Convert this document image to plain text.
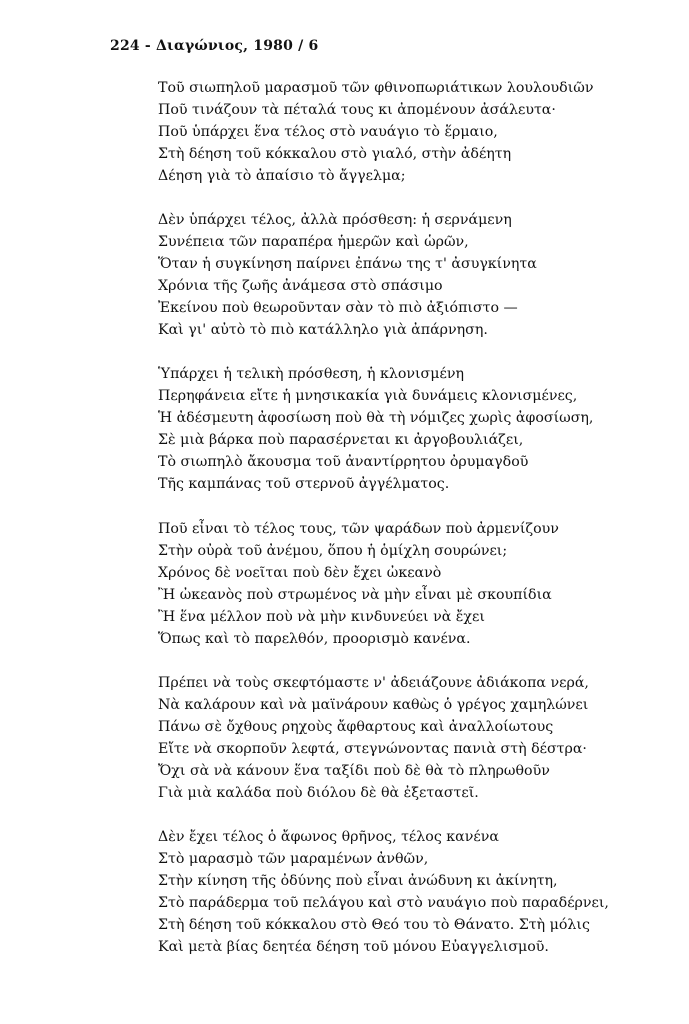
224 - Διαγώνιος, 1980 / 6
Τοῦ σιωπηλοῦ μαρασμοῦ τῶν φθινοπωριάτικων λουλουδιῶν
Ποῦ τινάζουν τὰ πέταλά τους κι ἀπομένουν ἀσάλευτα·
Ποῦ ὑπάρχει ἕνα τέλος στὸ ναυάγιο τὸ ἕρμαιο,
Στὴ δέηση τοῦ κόκκαλου στὸ γιαλό, στὴν ἀδέητη
Δέηση γιὰ τὸ ἀπαίσιο τὸ ἄγγελμα;
Δὲν ὑπάρχει τέλος, ἀλλὰ πρόσθεση: ἡ σερνάμενη
Συνέπεια τῶν παραπέρα ἡμερῶν καὶ ὡρῶν,
Ὅταν ἡ συγκίνηση παίρνει ἐπάνω της τ' ἀσυγκίνητα
Χρόνια τῆς ζωῆς ἀνάμεσα στὸ σπάσιμο
Ἐκείνου ποὺ θεωροῦνταν σὰν τὸ πιὸ ἀξιόπιστο —
Καὶ γι' αὐτὸ τὸ πιὸ κατάλληλο γιὰ ἀπάρνηση.
Ὑπάρχει ἡ τελικὴ πρόσθεση, ἡ κλονισμένη
Περηφάνεια εἴτε ἡ μνησικακία γιὰ δυνάμεις κλονισμένες,
Ἡ ἀδέσμευτη ἀφοσίωση ποὺ θὰ τὴ νόμιζες χωρὶς ἀφοσίωση,
Σὲ μιὰ βάρκα ποὺ παρασέρνεται κι ἀργοβουλιάζει,
Τὸ σιωπηλὸ ἄκουσμα τοῦ ἀναντίρρητου ὀρυμαγδοῦ
Τῆς καμπάνας τοῦ στερνοῦ ἀγγέλματος.
Ποῦ εἶναι τὸ τέλος τους, τῶν ψαράδων ποὺ ἀρμενίζουν
Στὴν οὐρὰ τοῦ ἀνέμου, ὅπου ἡ ὁμίχλη σουρώνει;
Χρόνος δὲ νοεῖται ποὺ δὲν ἔχει ὠκεανὸ
Ἢ ὠκεανὸς ποὺ στρωμένος νὰ μὴν εἶναι μὲ σκουπίδια
Ἢ ἕνα μέλλον ποὺ νὰ μὴν κινδυνεύει νὰ ἔχει
Ὅπως καὶ τὸ παρελθόν, προορισμὸ κανένα.
Πρέπει νὰ τοὺς σκεφτόμαστε ν' ἀδειάζουνε ἀδιάκοπα νερά,
Νὰ καλάρουν καὶ νὰ μαϊνάρουν καθὼς ὁ γρέγος χαμηλώνει
Πάνω σὲ ὄχθους ρηχοὺς ἄφθαρτους καὶ ἀναλλοίωτους
Εἴτε νὰ σκορποῦν λεφτά, στεγνώνοντας πανιὰ στὴ δέστρα·
Ὄχι σὰ νὰ κάνουν ἕνα ταξίδι ποὺ δὲ θὰ τὸ πληρωθοῦν
Γιὰ μιὰ καλάδα ποὺ διόλου δὲ θὰ ἐξεταστεῖ.
Δὲν ἔχει τέλος ὁ ἄφωνος θρῆνος, τέλος κανένα
Στὸ μαρασμὸ τῶν μαραμένων ἀνθῶν,
Στὴν κίνηση τῆς ὀδύνης ποὺ εἶναι ἀνώδυνη κι ἀκίνητη,
Στὸ παράδερμα τοῦ πελάγου καὶ στὸ ναυάγιο ποὺ παραδέρνει,
Στὴ δέηση τοῦ κόκκαλου στὸ Θεό του τὸ Θάνατο. Στὴ μόλις
Καὶ μετὰ βίας δεητέα δέηση τοῦ μόνου Εὐαγγελισμοῦ.
